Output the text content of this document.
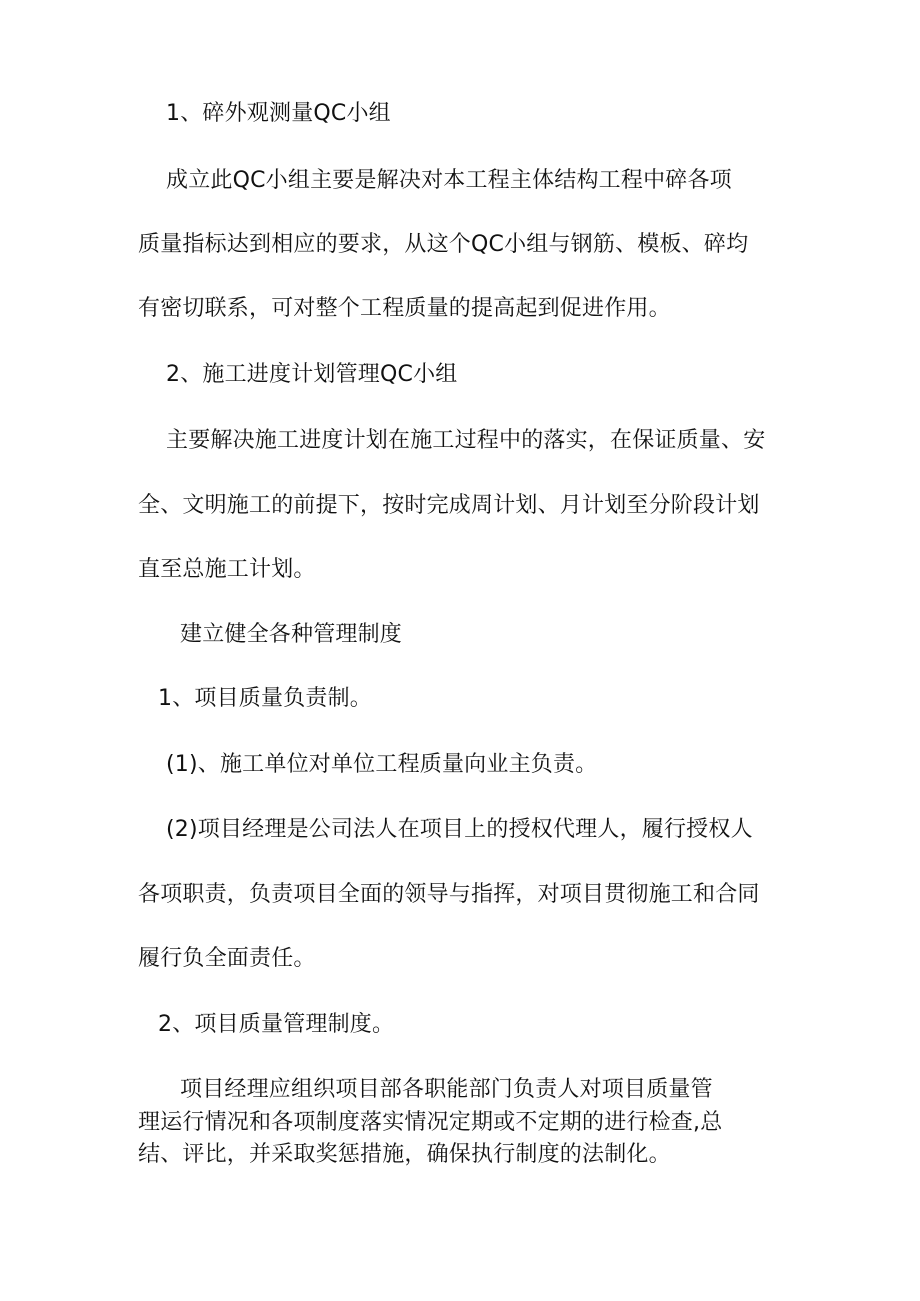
1、碎外观测量QC小组
成立此QC小组主要是解决对本工程主体结构工程中碎各项
质量指标达到相应的要求，从这个QC小组与钢筋、模板、碎均
有密切联系，可对整个工程质量的提高起到促进作用。
2、施工进度计划管理QC小组
主要解决施工进度计划在施工过程中的落实，在保证质量、安
全、文明施工的前提下，按时完成周计划、月计划至分阶段计划
直至总施工计划。
建立健全各种管理制度
1、项目质量负责制。
(1)、施工单位对单位工程质量向业主负责。
(2)项目经理是公司法人在项目上的授权代理人，履行授权人
各项职责，负责项目全面的领导与指挥，对项目贯彻施工和合同
履行负全面责任。
2、项目质量管理制度。
项目经理应组织项目部各职能部门负责人对项目质量管
理运行情况和各项制度落实情况定期或不定期的进行检查,总
结、评比，并采取奖惩措施，确保执行制度的法制化。
